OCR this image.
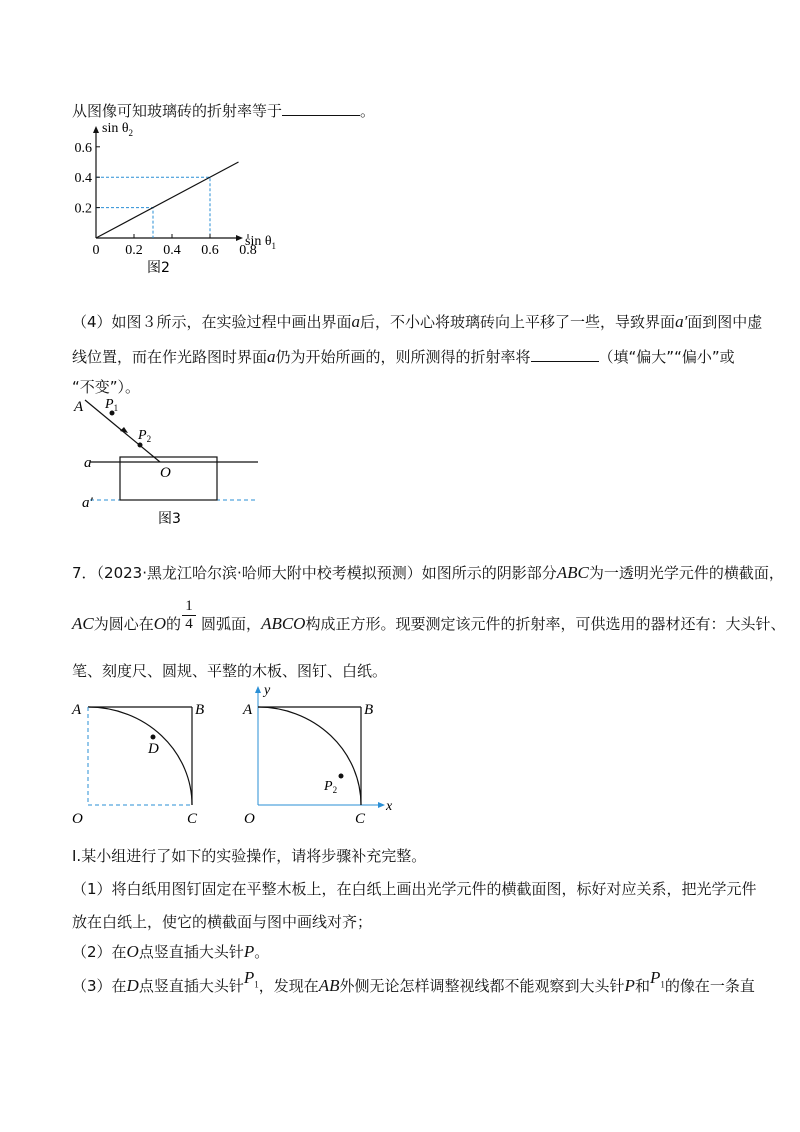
从图像可知玻璃砖的折射率等于	。
0.2
0.4
0.6
0 0.2 0.4 0.6 0.8
$\sin \theta_2$
$\sin \theta_1$
图2
（4）如图３所示，在实验过程中画出界面a后，不小心将玻璃砖向上平移了一些，导致界面a′面到图中虚
线位置，而在作光路图时界面a仍为开始所画的，则所测得的折射率将	（填“偏大”“偏小”或
“不变”）。
A $P_1$
$P_2$
a
a′
O
图3
7．（2023·黑龙江哈尔滨·哈师大附中校考模拟预测）如图所示的阴影部分ABC为一透明光学元件的横截面，
AC为圆心在O的 圆弧面，ABCO构成正方形。现要测定该元件的折射率，可供选用的器材还有：大头针、
$\frac{1}{4}$
笔、刻度尺、圆规、平整的木板、图钉、白纸。
A	B
D
O	C
y
x
A	B
$P_2$
O	C
Ⅰ.某小组进行了如下的实验操作，请将步骤补充完整。
（1）将白纸用图钉固定在平整木板上，在白纸上画出光学元件的横截面图，标好对应关系，把光学元件
放在白纸上，使它的横截面与图中画线对齐；
（2）在O点竖直插大头针P。
（3）在D点竖直插大头针$P_1$，发现在AB外侧无论怎样调整视线都不能观察到大头针P和$P_1$的像在一条直
